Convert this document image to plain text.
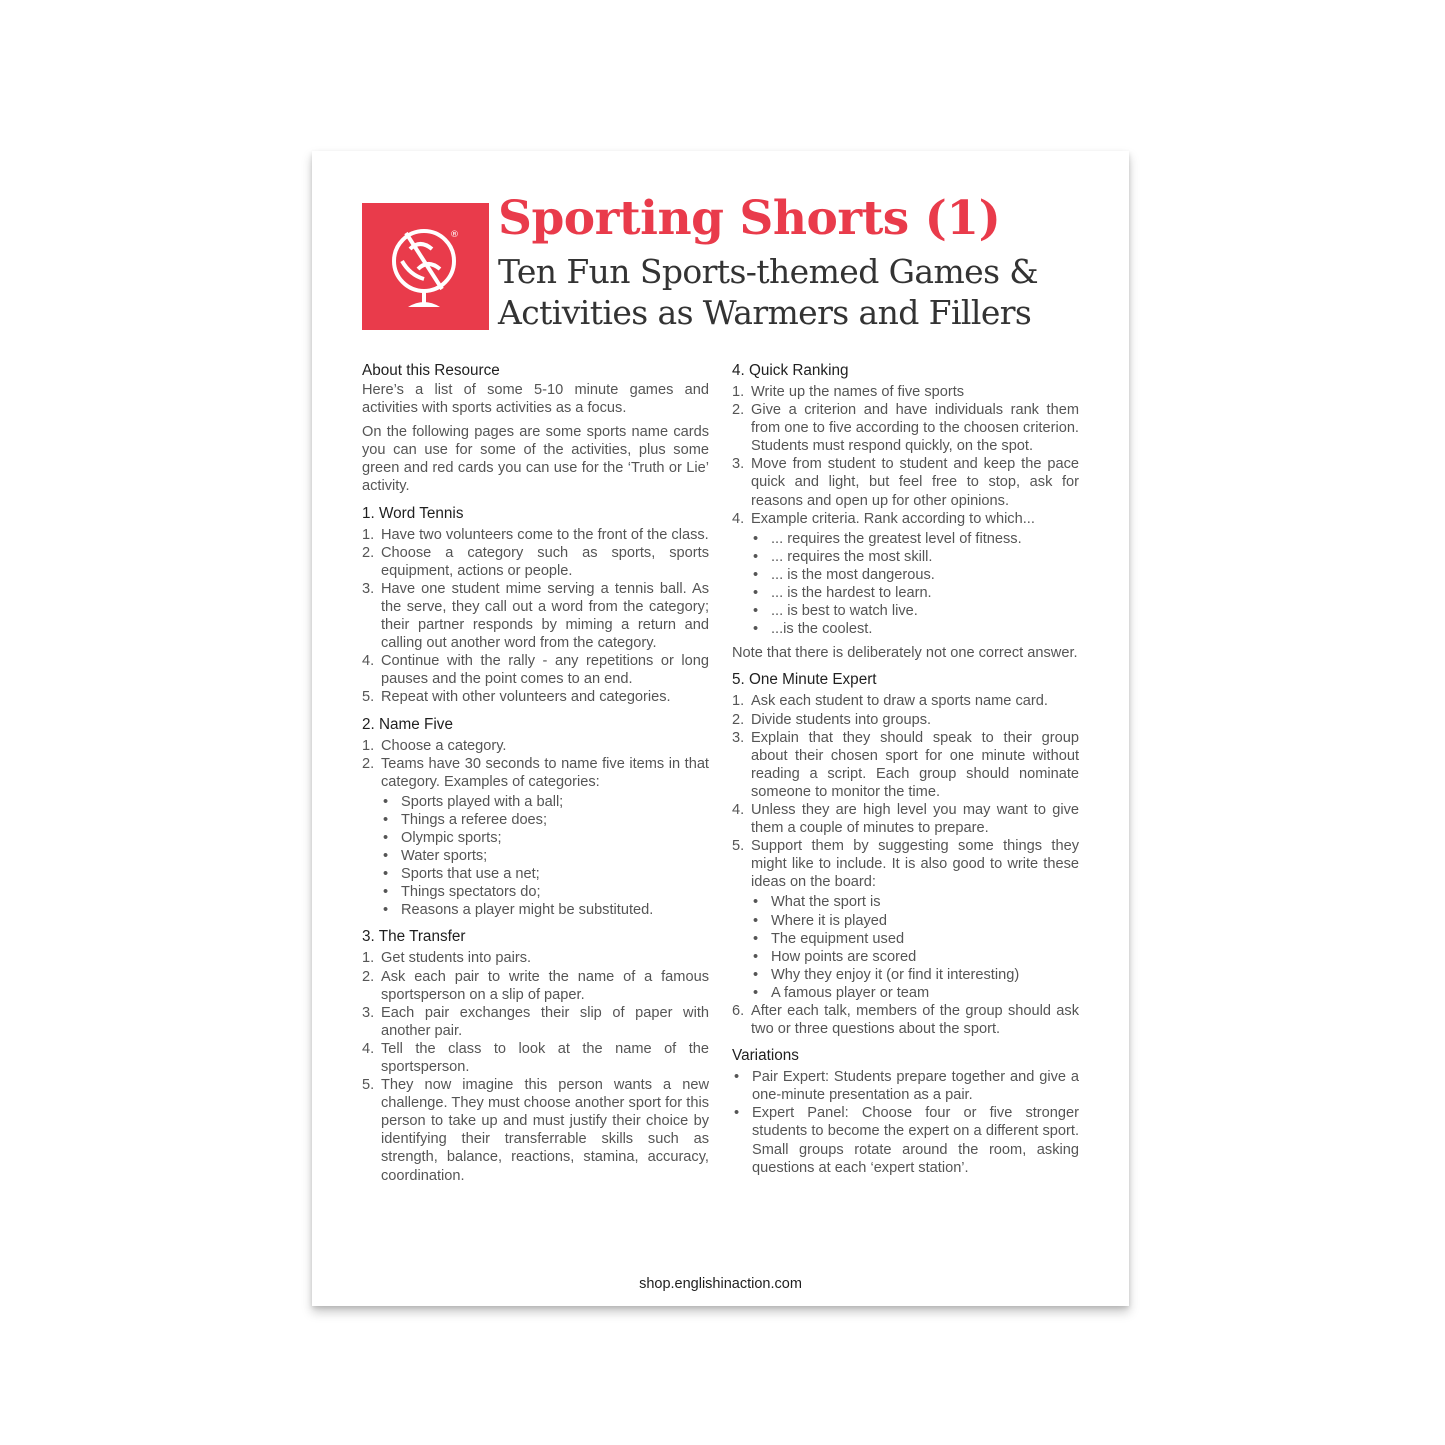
® Sporting Shorts (1)
Ten Fun Sports-themed Games & Activities as Warmers and Fillers
About this Resource

Here’s a list of some 5-10 minute games and activities with sports activities as a focus.

On the following pages are some sports name cards you can use for some of the activities, plus some green and red cards you can use for the ‘Truth or Lie’ activity.

1. Word Tennis
1. Have two volunteers come to the front of the class.
2. Choose a category such as sports, sports equipment, actions or people.
3. Have one student mime serving a tennis ball. As the serve, they call out a word from the category; their partner responds by miming a return and calling out another word from the category.
4. Continue with the rally - any repetitions or long pauses and the point comes to an end.
5. Repeat with other volunteers and categories.
2. Name Five
1. Choose a category.
2. Teams have 30 seconds to name five items in that category. Examples of categories:
• Sports played with a ball;
• Things a referee does;
• Olympic sports;
• Water sports;
• Sports that use a net;
• Things spectators do;
• Reasons a player might be substituted.
3. The Transfer
1. Get students into pairs.
2. Ask each pair to write the name of a famous sportsperson on a slip of paper.
3. Each pair exchanges their slip of paper with another pair.
4. Tell the class to look at the name of the sportsperson.
5. They now imagine this person wants a new challenge. They must choose another sport for this person to take up and must justify their choice by identifying their transferrable skills such as strength, balance, reactions, stamina, accuracy, coordination.
4. Quick Ranking
1. Write up the names of five sports
2. Give a criterion and have individuals rank them from one to five according to the choosen criterion. Students must respond quickly, on the spot.
3. Move from student to student and keep the pace quick and light, but feel free to stop, ask for reasons and open up for other opinions.
4. Example criteria. Rank according to which...
• ... requires the greatest level of fitness.
• ... requires the most skill.
• ... is the most dangerous.
• ... is the hardest to learn.
• ... is best to watch live.
• ...is the coolest.

Note that there is deliberately not one correct answer.

5. One Minute Expert
1. Ask each student to draw a sports name card.
2. Divide students into groups.
3. Explain that they should speak to their group about their chosen sport for one minute without reading a script. Each group should nominate someone to monitor the time.
4. Unless they are high level you may want to give them a couple of minutes to prepare.
5. Support them by suggesting some things they might like to include. It is also good to write these ideas on the board:
• What the sport is
• Where it is played
• The equipment used
• How points are scored
• Why they enjoy it (or find it interesting)
• A famous player or team
6. After each talk, members of the group should ask two or three questions about the sport.
Variations
• Pair Expert: Students prepare together and give a one-minute presentation as a pair.
• Expert Panel: Choose four or five stronger students to become the expert on a different sport. Small groups rotate around the room, asking questions at each ‘expert station’.
shop.englishinaction.com
